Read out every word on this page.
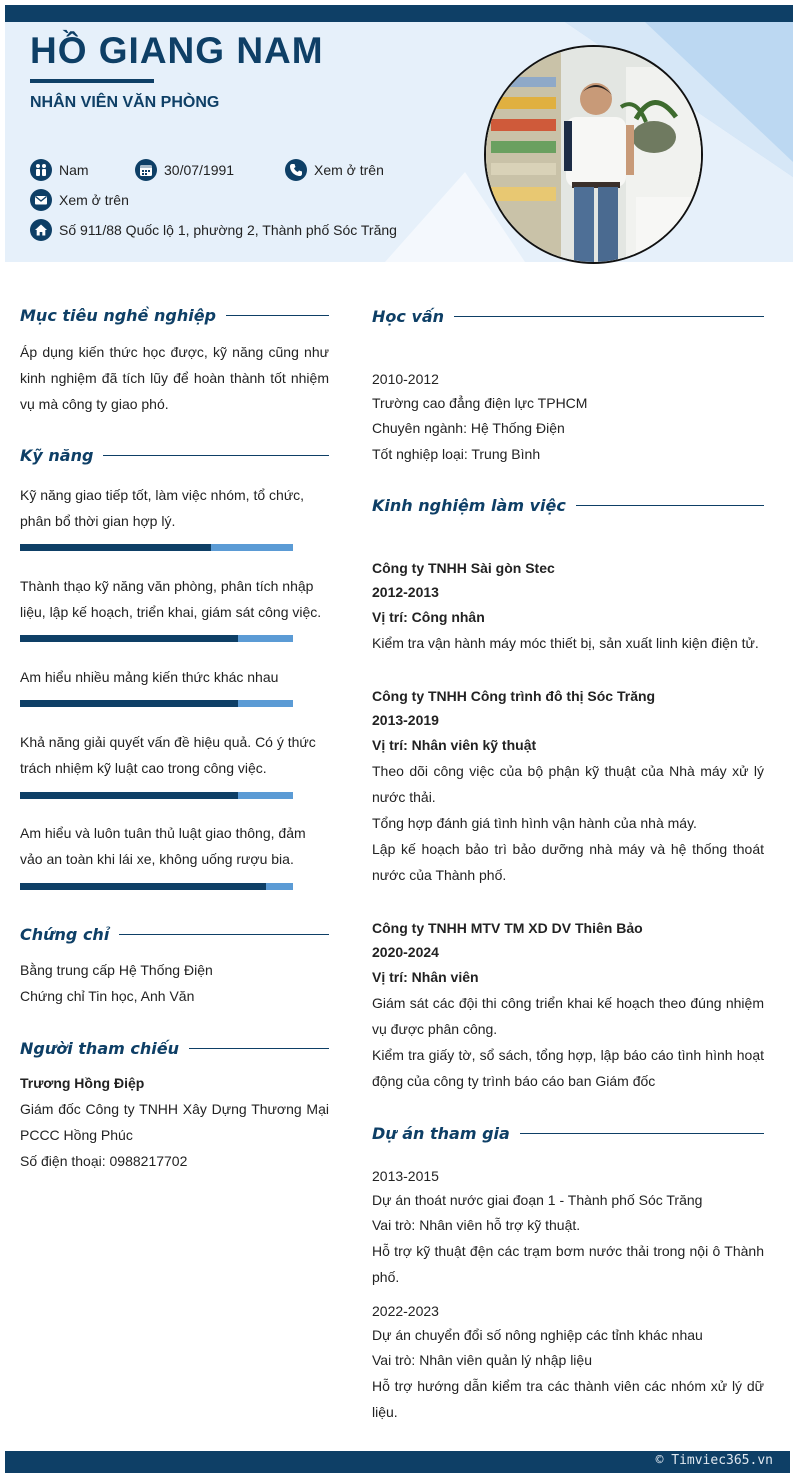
HỒ GIANG NAM
NHÂN VIÊN VĂN PHÒNG
Nam	30/07/1991	Xem ở trên
Xem ở trên
Số 911/88 Quốc lộ 1, phường 2, Thành phố Sóc Trăng
Mục tiêu nghề nghiệp
Áp dụng kiến thức học được, kỹ năng cũng như kinh nghiệm đã tích lũy để hoàn thành tốt nhiệm vụ mà công ty giao phó.
Kỹ năng
Kỹ năng giao tiếp tốt, làm việc nhóm, tổ chức, phân bổ thời gian hợp lý.
Thành thạo kỹ năng văn phòng, phân tích nhập liệu, lập kế hoạch, triển khai, giám sát công việc.
Am hiểu nhiều mảng kiến thức khác nhau
Khả năng giải quyết vấn đề hiệu quả. Có ý thức trách nhiệm kỹ luật cao trong công việc.
Am hiểu và luôn tuân thủ luật giao thông, đảm vảo an toàn khi lái xe, không uống rượu bia.
Chứng chỉ
Bằng trung cấp Hệ Thống Điện
Chứng chỉ Tin học, Anh Văn
Người tham chiếu
Trương Hồng Điệp
Giám đốc Công ty TNHH Xây Dựng Thương Mại PCCC Hồng Phúc
Số điện thoại: 0988217702
Học vấn
2010-2012
Trường cao đẳng điện lực TPHCM
Chuyên ngành: Hệ Thống Điện
Tốt nghiệp loại: Trung Bình
Kinh nghiệm làm việc
Công ty TNHH Sài gòn Stec
2012-2013
Vị trí: Công nhân
Kiểm tra vận hành máy móc thiết bị, sản xuất linh kiện điện tử.
Công ty TNHH Công trình đô thị Sóc Trăng
2013-2019
Vị trí: Nhân viên kỹ thuật
Theo dõi công việc của bộ phận kỹ thuật của Nhà máy xử lý nước thải.
Tổng hợp đánh giá tình hình vận hành của nhà máy.
Lập kế hoạch bảo trì bảo dưỡng nhà máy và hệ thống thoát nước của Thành phố.
Công ty TNHH MTV TM XD DV Thiên Bảo
2020-2024
Vị trí: Nhân viên
Giám sát các đội thi công triển khai kế hoạch theo đúng nhiệm vụ được phân công.
Kiểm tra giấy tờ, sổ sách, tổng hợp, lập báo cáo tình hình hoạt động của công ty trình báo cáo ban Giám đốc
Dự án tham gia
2013-2015
Dự án thoát nước giai đoạn 1 - Thành phố Sóc Trăng
Vai trò: Nhân viên hỗ trợ kỹ thuật.
Hỗ trợ kỹ thuật đện các trạm bơm nước thải trong nội ô Thành phố.
2022-2023
Dự án chuyển đổi số nông nghiệp các tỉnh khác nhau
Vai trò: Nhân viên quản lý nhập liệu
Hỗ trợ hướng dẫn kiểm tra các thành viên các nhóm xử lý dữ liệu.
© Timviec365.vn
